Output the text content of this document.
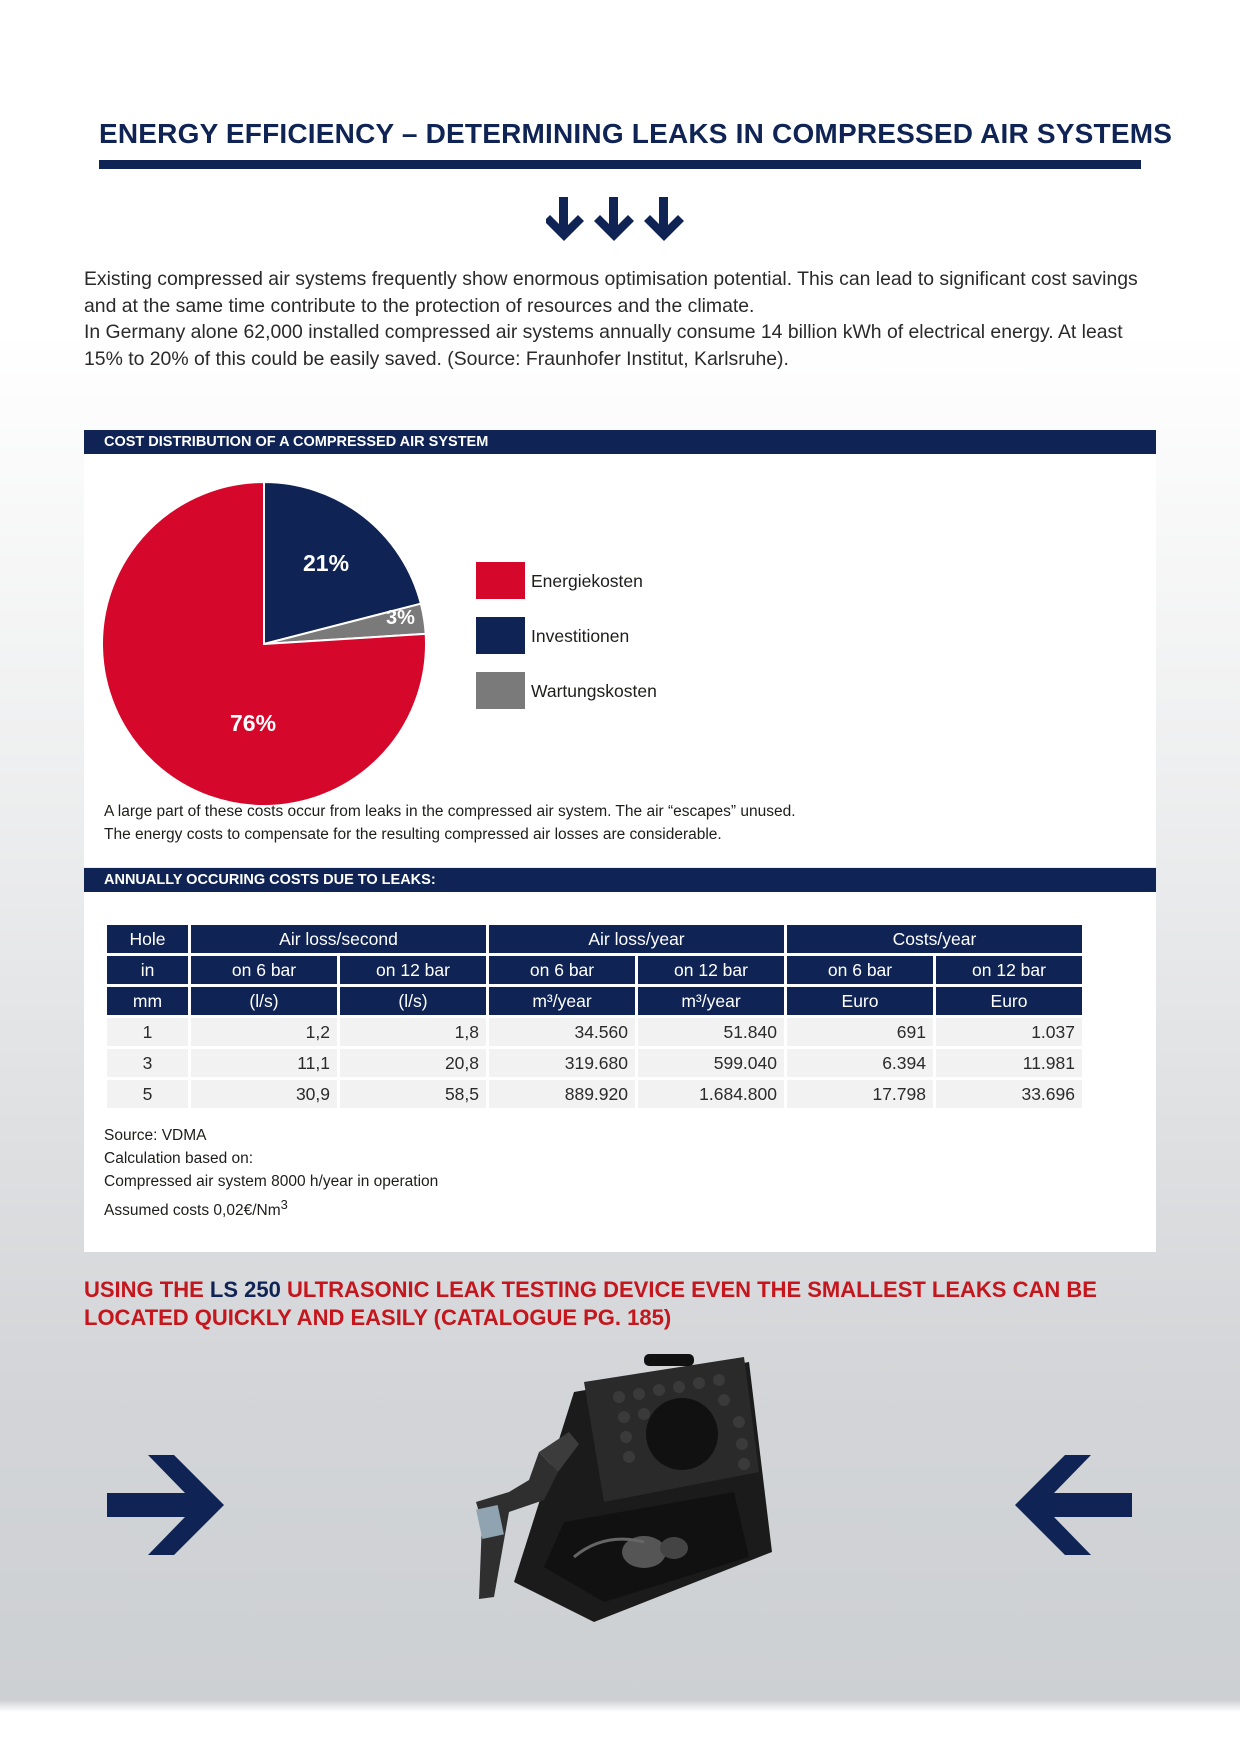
ENERGY EFFICIENCY – DETERMINING LEAKS IN COMPRESSED AIR SYSTEMS

Existing compressed air systems frequently show enormous optimisation potential. This can lead to significant cost savings and at the same time contribute to the protection of resources and the climate.

In Germany alone 62,000 installed compressed air systems annually consume 14 billion kWh of electrical energy. At least 15% to 20% of this could be easily saved. (Source: Fraunhofer Institut, Karlsruhe).

COST DISTRIBUTION OF A COMPRESSED AIR SYSTEM
21%
3%
76%
Energiekosten
Investitionen
Wartungskosten

A large part of these costs occur from leaks in the compressed air system. The air “escapes” unused.

The energy costs to compensate for the resulting compressed air losses are considerable.

ANNUALLY OCCURING COSTS DUE TO LEAKS:
Hole	Air loss/second		Air loss/year		Costs/year	
in	on 6 bar	on 12 bar	on 6 bar	on 12 bar	on 6 bar	on 12 bar
mm	(l/s)	(l/s)	m³/year	m³/year	Euro	Euro
1	1,2	1,8	34.560	51.840	691	1.037
3	11,1	20,8	319.680	599.040	6.394	11.981
5	30,9	58,5	889.920	1.684.800	17.798	33.696

Source: VDMA

Calculation based on:

Compressed air system 8000 h/year in operation

Assumed costs 0,02€/Nm$^3$

USING THE LS 250 ULTRASONIC LEAK TESTING DEVICE EVEN THE SMALLEST LEAKS CAN BE LOCATED QUICKLY AND EASILY (CATALOGUE PG. 185)
